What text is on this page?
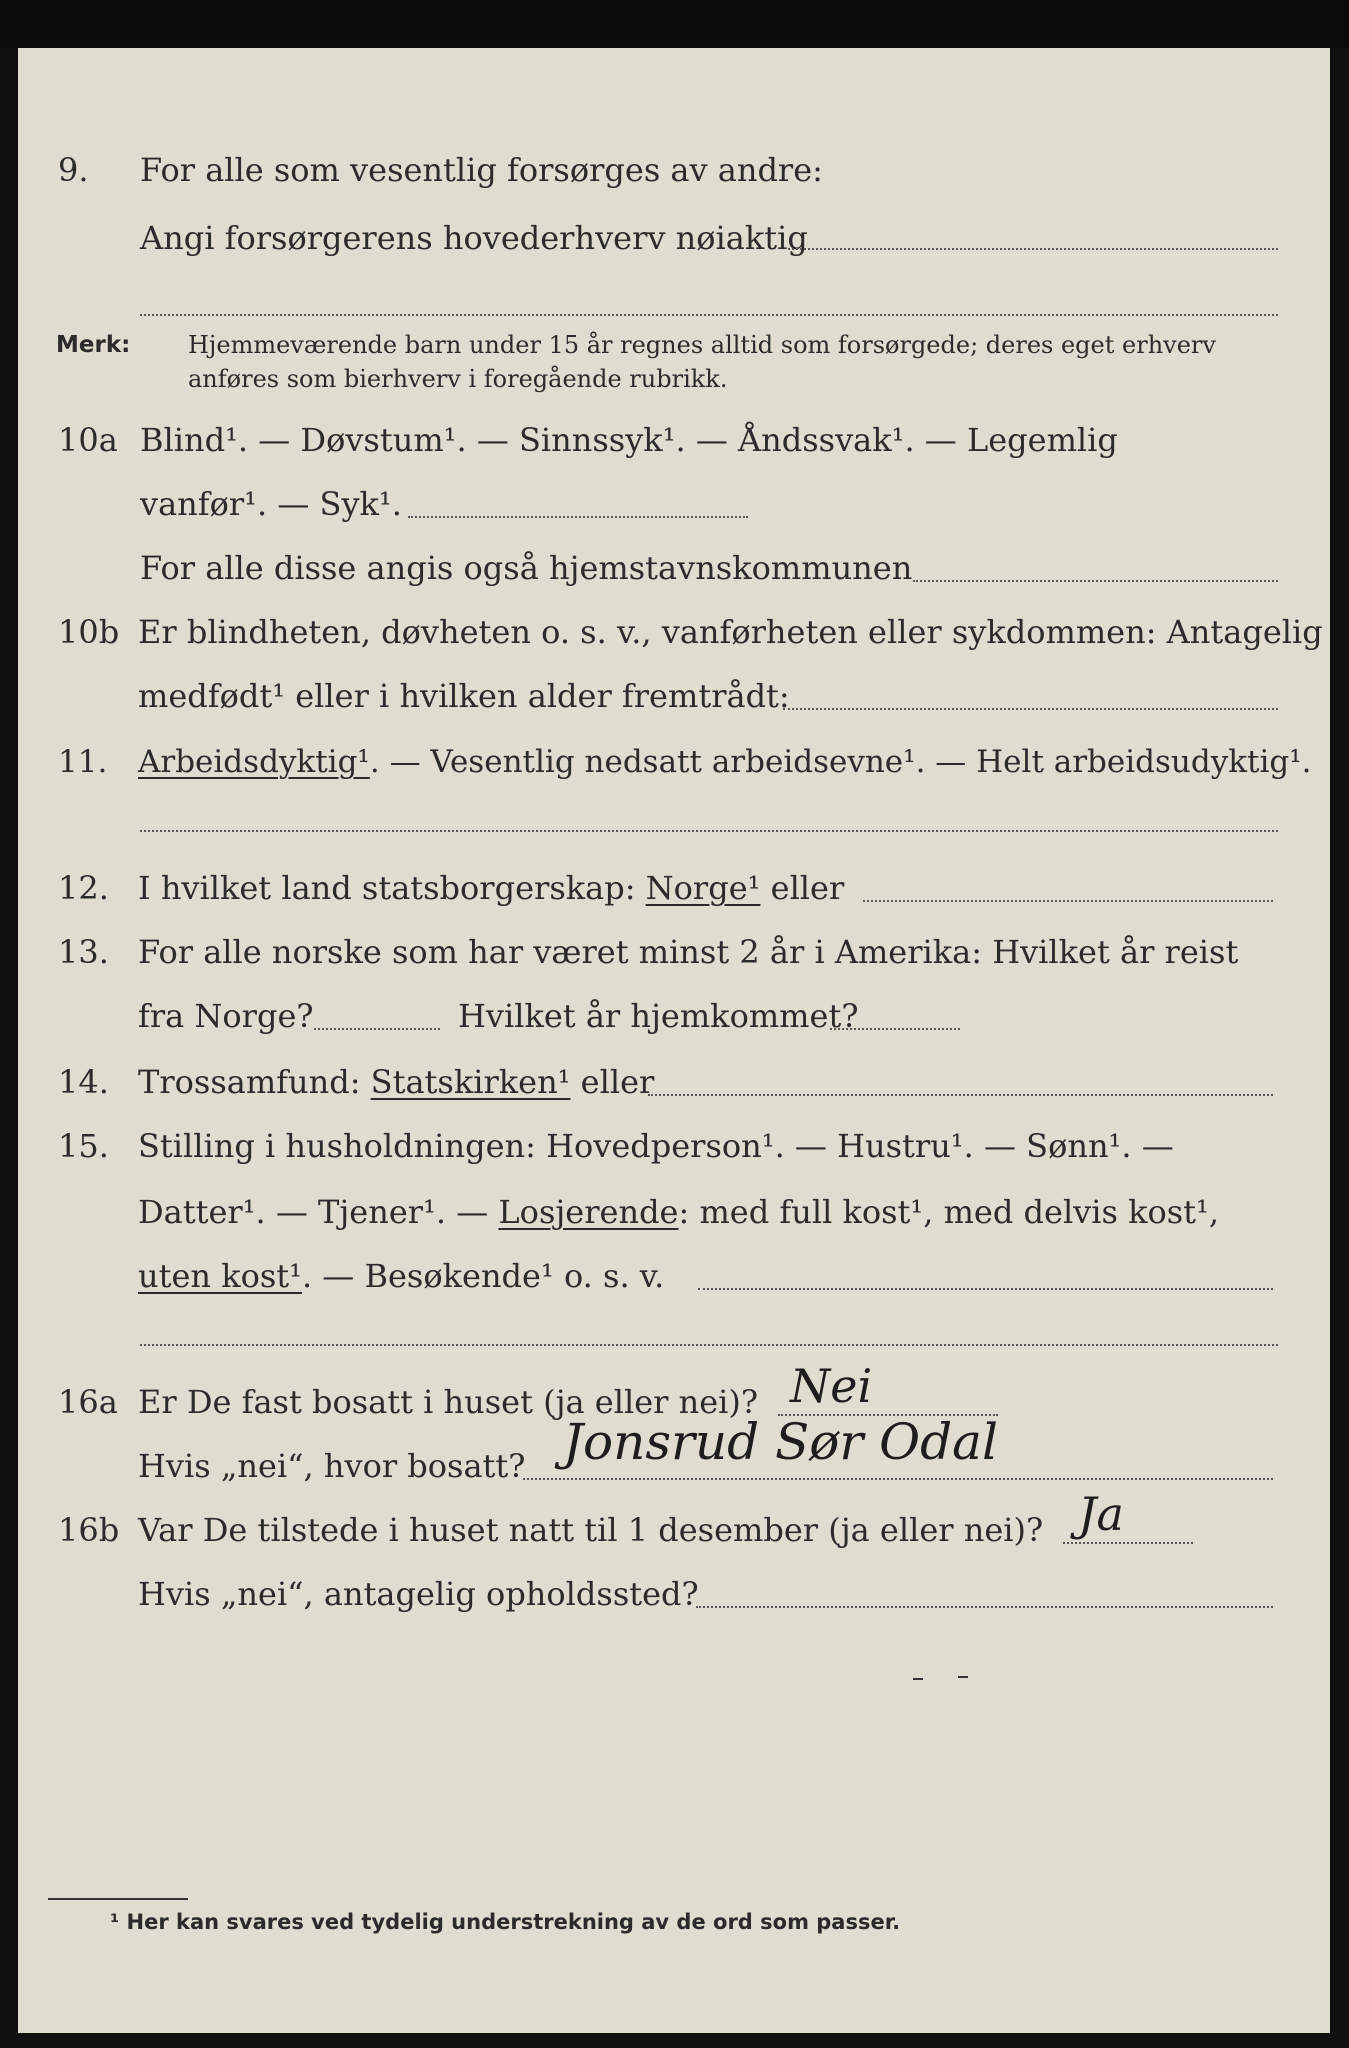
9. For alle som vesentlig forsørges av andre:
Angi forsørgerens hovederhverv nøiaktig
Merk: Hjemmeværende barn under 15 år regnes alltid som forsørgede; deres eget erhverv
anføres som bierhverv i foregående rubrikk.
10a Blind¹. — Døvstum¹. — Sinnssyk¹. — Åndssvak¹. — Legemlig
vanfør¹. — Syk¹.
For alle disse angis også hjemstavnskommunen
10b Er blindheten, døvheten o. s. v., vanførheten eller sykdommen: Antagelig
medfødt¹ eller i hvilken alder fremtrådt:
11. Arbeidsdyktig¹. — Vesentlig nedsatt arbeidsevne¹. — Helt arbeidsudyktig¹.
12. I hvilket land statsborgerskap: Norge¹ eller
13. For alle norske som har været minst 2 år i Amerika: Hvilket år reist
fra Norge?	Hvilket år hjemkommet?
14. Trossamfund: Statskirken¹ eller
15. Stilling i husholdningen: Hovedperson¹. — Hustru¹. — Sønn¹. —
Datter¹. — Tjener¹. — Losjerende: med full kost¹, med delvis kost¹,
uten kost¹. — Besøkende¹ o. s. v.
16a Er De fast bosatt i huset (ja eller nei)? Nei
Hvis „nei“, hvor bosatt? Jonsrud Sør Odal
16b Var De tilstede i huset natt til 1 desember (ja eller nei)? Ja
Hvis „nei“, antagelig opholdssted?
¹ Her kan svares ved tydelig understrekning av de ord som passer.
